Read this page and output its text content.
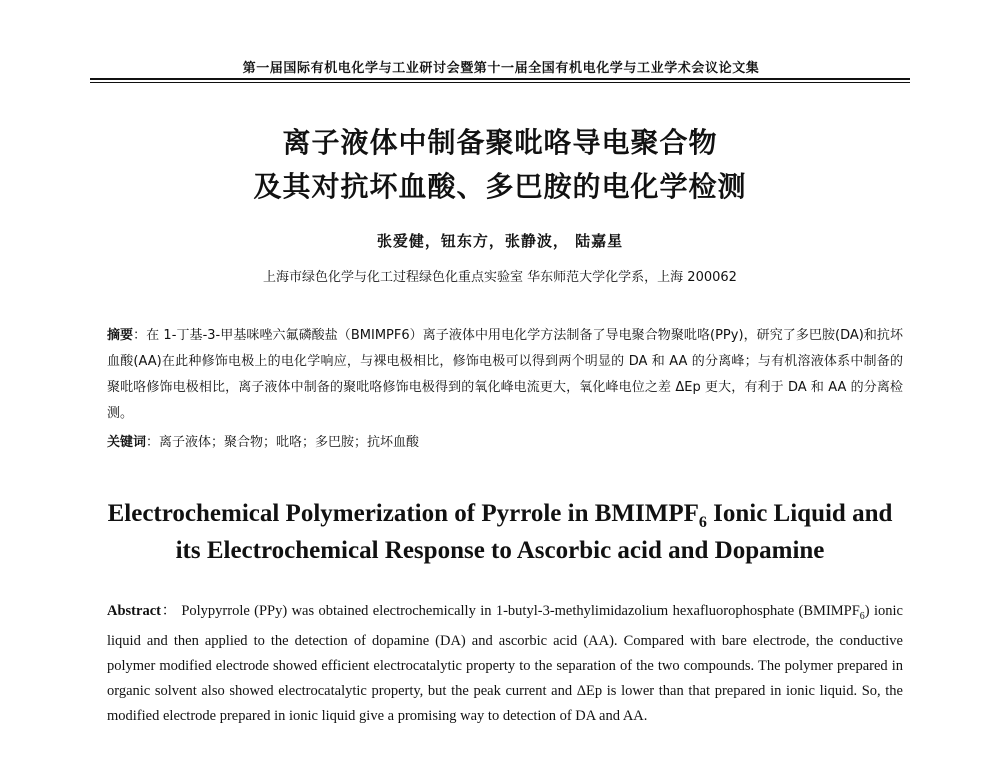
第一届国际有机电化学与工业研讨会暨第十一届全国有机电化学与工业学术会议论文集
离子液体中制备聚吡咯导电聚合物
及其对抗坏血酸、多巴胺的电化学检测
张爱健，钮东方，张静波， 陆嘉星
上海市绿色化学与化工过程绿色化重点实验室 华东师范大学化学系，上海 200062
摘要：在 1-丁基-3-甲基咪唑六氟磷酸盐（BMIMPF6）离子液体中用电化学方法制备了导电聚合物聚吡咯(PPy)，研究了多巴胺(DA)和抗坏血酸(AA)在此种修饰电极上的电化学响应，与裸电极相比，修饰电极可以得到两个明显的 DA 和 AA 的分离峰；与有机溶液体系中制备的聚吡咯修饰电极相比，离子液体中制备的聚吡咯修饰电极得到的氧化峰电流更大，氧化峰电位之差 ΔEp 更大，有利于 DA 和 AA 的分离检测。
关键词：离子液体；聚合物；吡咯；多巴胺；抗坏血酸
Electrochemical Polymerization of Pyrrole in $BMIMPF_6$ Ionic Liquid and
its Electrochemical Response to Ascorbic acid and Dopamine
Abstract： Polypyrrole (PPy) was obtained electrochemically in 1-butyl-3-methylimidazolium hexafluorophosphate $(BMIMPF_6)$ ionic liquid and then applied to the detection of dopamine (DA) and ascorbic acid (AA). Compared with bare electrode, the conductive polymer modified electrode showed efficient electrocatalytic property to the separation of the two compounds. The polymer prepared in organic solvent also showed electrocatalytic property, but the peak current and ΔEp is lower than that prepared in ionic liquid. So, the modified electrode prepared in ionic liquid give a promising way to detection of DA and AA.
